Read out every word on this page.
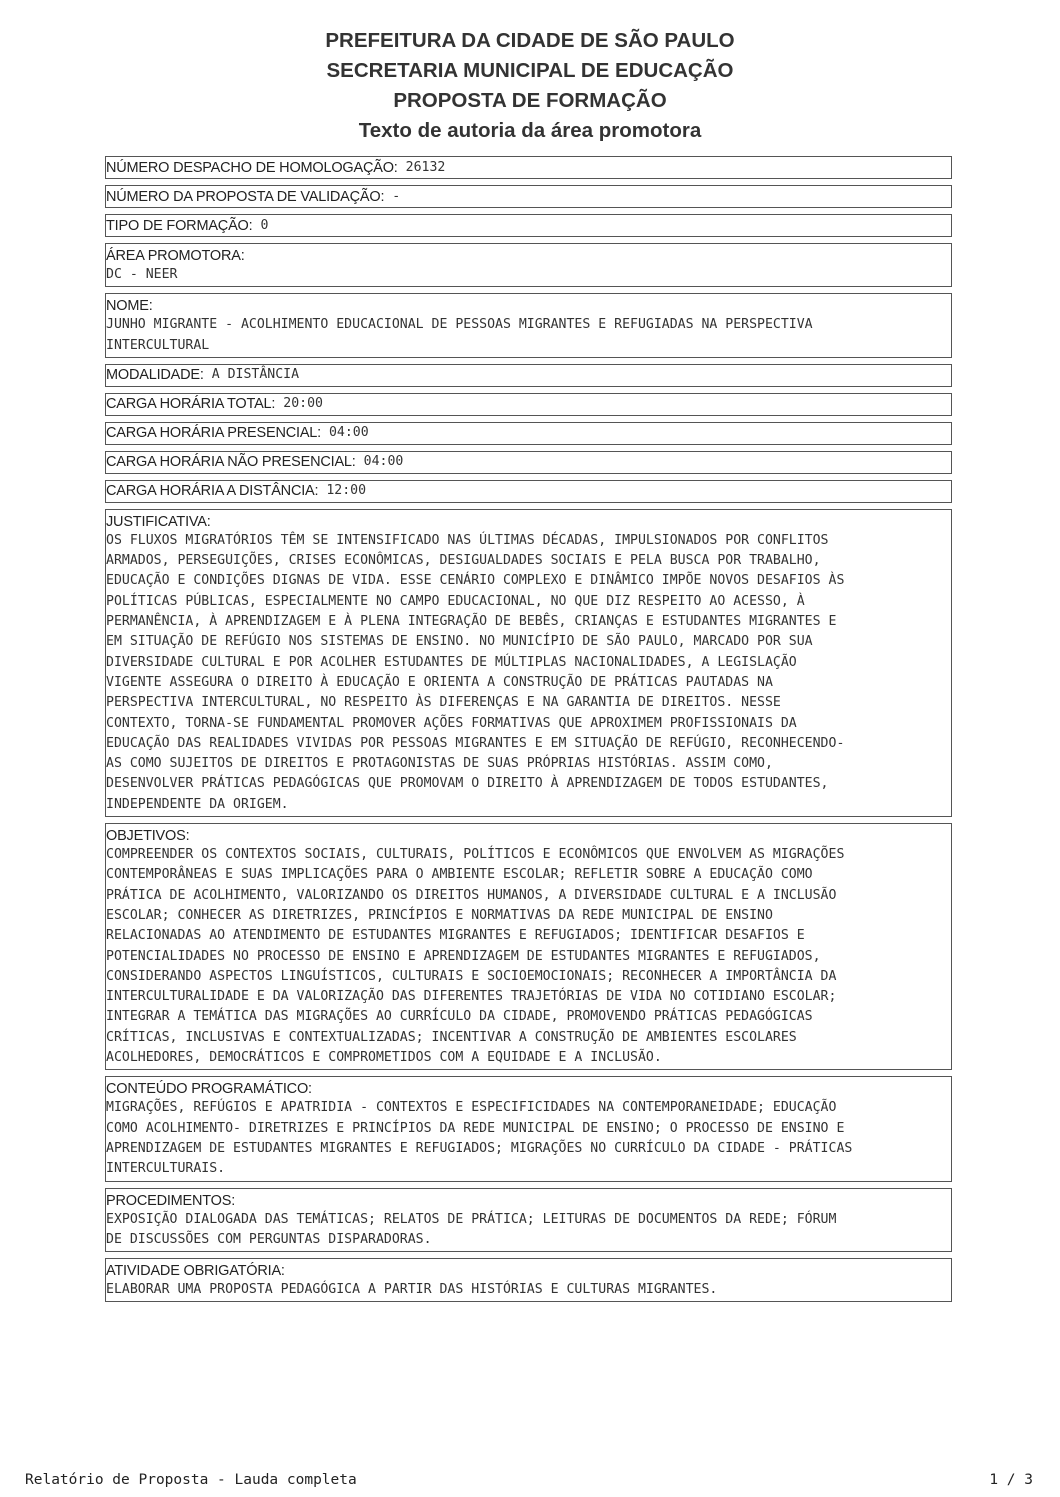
PREFEITURA DA CIDADE DE SÃO PAULO
SECRETARIA MUNICIPAL DE EDUCAÇÃO
PROPOSTA DE FORMAÇÃO
Texto de autoria da área promotora
NÚMERO DESPACHO DE HOMOLOGAÇÃO: 26132
NÚMERO DA PROPOSTA DE VALIDAÇÃO: -
TIPO DE FORMAÇÃO: 0
ÁREA PROMOTORA:
DC - NEER
NOME:
JUNHO MIGRANTE - ACOLHIMENTO EDUCACIONAL DE PESSOAS MIGRANTES E REFUGIADAS NA PERSPECTIVA
INTERCULTURAL
MODALIDADE: A DISTÂNCIA
CARGA HORÁRIA TOTAL: 20:00
CARGA HORÁRIA PRESENCIAL: 04:00
CARGA HORÁRIA NÃO PRESENCIAL: 04:00
CARGA HORÁRIA A DISTÂNCIA: 12:00
JUSTIFICATIVA:
OS FLUXOS MIGRATÓRIOS TÊM SE INTENSIFICADO NAS ÚLTIMAS DÉCADAS, IMPULSIONADOS POR CONFLITOS
ARMADOS, PERSEGUIÇÕES, CRISES ECONÔMICAS, DESIGUALDADES SOCIAIS E PELA BUSCA POR TRABALHO,
EDUCAÇÃO E CONDIÇÕES DIGNAS DE VIDA. ESSE CENÁRIO COMPLEXO E DINÂMICO IMPÕE NOVOS DESAFIOS ÀS
POLÍTICAS PÚBLICAS, ESPECIALMENTE NO CAMPO EDUCACIONAL, NO QUE DIZ RESPEITO AO ACESSO, À
PERMANÊNCIA, À APRENDIZAGEM E À PLENA INTEGRAÇÃO DE BEBÊS, CRIANÇAS E ESTUDANTES MIGRANTES E
EM SITUAÇÃO DE REFÚGIO NOS SISTEMAS DE ENSINO. NO MUNICÍPIO DE SÃO PAULO, MARCADO POR SUA
DIVERSIDADE CULTURAL E POR ACOLHER ESTUDANTES DE MÚLTIPLAS NACIONALIDADES, A LEGISLAÇÃO
VIGENTE ASSEGURA O DIREITO À EDUCAÇÃO E ORIENTA A CONSTRUÇÃO DE PRÁTICAS PAUTADAS NA
PERSPECTIVA INTERCULTURAL, NO RESPEITO ÀS DIFERENÇAS E NA GARANTIA DE DIREITOS. NESSE
CONTEXTO, TORNA-SE FUNDAMENTAL PROMOVER AÇÕES FORMATIVAS QUE APROXIMEM PROFISSIONAIS DA
EDUCAÇÃO DAS REALIDADES VIVIDAS POR PESSOAS MIGRANTES E EM SITUAÇÃO DE REFÚGIO, RECONHECENDO-
AS COMO SUJEITOS DE DIREITOS E PROTAGONISTAS DE SUAS PRÓPRIAS HISTÓRIAS. ASSIM COMO,
DESENVOLVER PRÁTICAS PEDAGÓGICAS QUE PROMOVAM O DIREITO À APRENDIZAGEM DE TODOS ESTUDANTES,
INDEPENDENTE DA ORIGEM.
OBJETIVOS:
COMPREENDER OS CONTEXTOS SOCIAIS, CULTURAIS, POLÍTICOS E ECONÔMICOS QUE ENVOLVEM AS MIGRAÇÕES
CONTEMPORÂNEAS E SUAS IMPLICAÇÕES PARA O AMBIENTE ESCOLAR; REFLETIR SOBRE A EDUCAÇÃO COMO
PRÁTICA DE ACOLHIMENTO, VALORIZANDO OS DIREITOS HUMANOS, A DIVERSIDADE CULTURAL E A INCLUSÃO
ESCOLAR; CONHECER AS DIRETRIZES, PRINCÍPIOS E NORMATIVAS DA REDE MUNICIPAL DE ENSINO
RELACIONADAS AO ATENDIMENTO DE ESTUDANTES MIGRANTES E REFUGIADOS; IDENTIFICAR DESAFIOS E
POTENCIALIDADES NO PROCESSO DE ENSINO E APRENDIZAGEM DE ESTUDANTES MIGRANTES E REFUGIADOS,
CONSIDERANDO ASPECTOS LINGUÍSTICOS, CULTURAIS E SOCIOEMOCIONAIS; RECONHECER A IMPORTÂNCIA DA
INTERCULTURALIDADE E DA VALORIZAÇÃO DAS DIFERENTES TRAJETÓRIAS DE VIDA NO COTIDIANO ESCOLAR;
INTEGRAR A TEMÁTICA DAS MIGRAÇÕES AO CURRÍCULO DA CIDADE, PROMOVENDO PRÁTICAS PEDAGÓGICAS
CRÍTICAS, INCLUSIVAS E CONTEXTUALIZADAS; INCENTIVAR A CONSTRUÇÃO DE AMBIENTES ESCOLARES
ACOLHEDORES, DEMOCRÁTICOS E COMPROMETIDOS COM A EQUIDADE E A INCLUSÃO.
CONTEÚDO PROGRAMÁTICO:
MIGRAÇÕES, REFÚGIOS E APATRIDIA - CONTEXTOS E ESPECIFICIDADES NA CONTEMPORANEIDADE; EDUCAÇÃO
COMO ACOLHIMENTO- DIRETRIZES E PRINCÍPIOS DA REDE MUNICIPAL DE ENSINO; O PROCESSO DE ENSINO E
APRENDIZAGEM DE ESTUDANTES MIGRANTES E REFUGIADOS; MIGRAÇÕES NO CURRÍCULO DA CIDADE - PRÁTICAS
INTERCULTURAIS.
PROCEDIMENTOS:
EXPOSIÇÃO DIALOGADA DAS TEMÁTICAS; RELATOS DE PRÁTICA; LEITURAS DE DOCUMENTOS DA REDE; FÓRUM
DE DISCUSSÕES COM PERGUNTAS DISPARADORAS.
ATIVIDADE OBRIGATÓRIA:
ELABORAR UMA PROPOSTA PEDAGÓGICA A PARTIR DAS HISTÓRIAS E CULTURAS MIGRANTES.
Relatório de Proposta - Lauda completa	1 / 3
